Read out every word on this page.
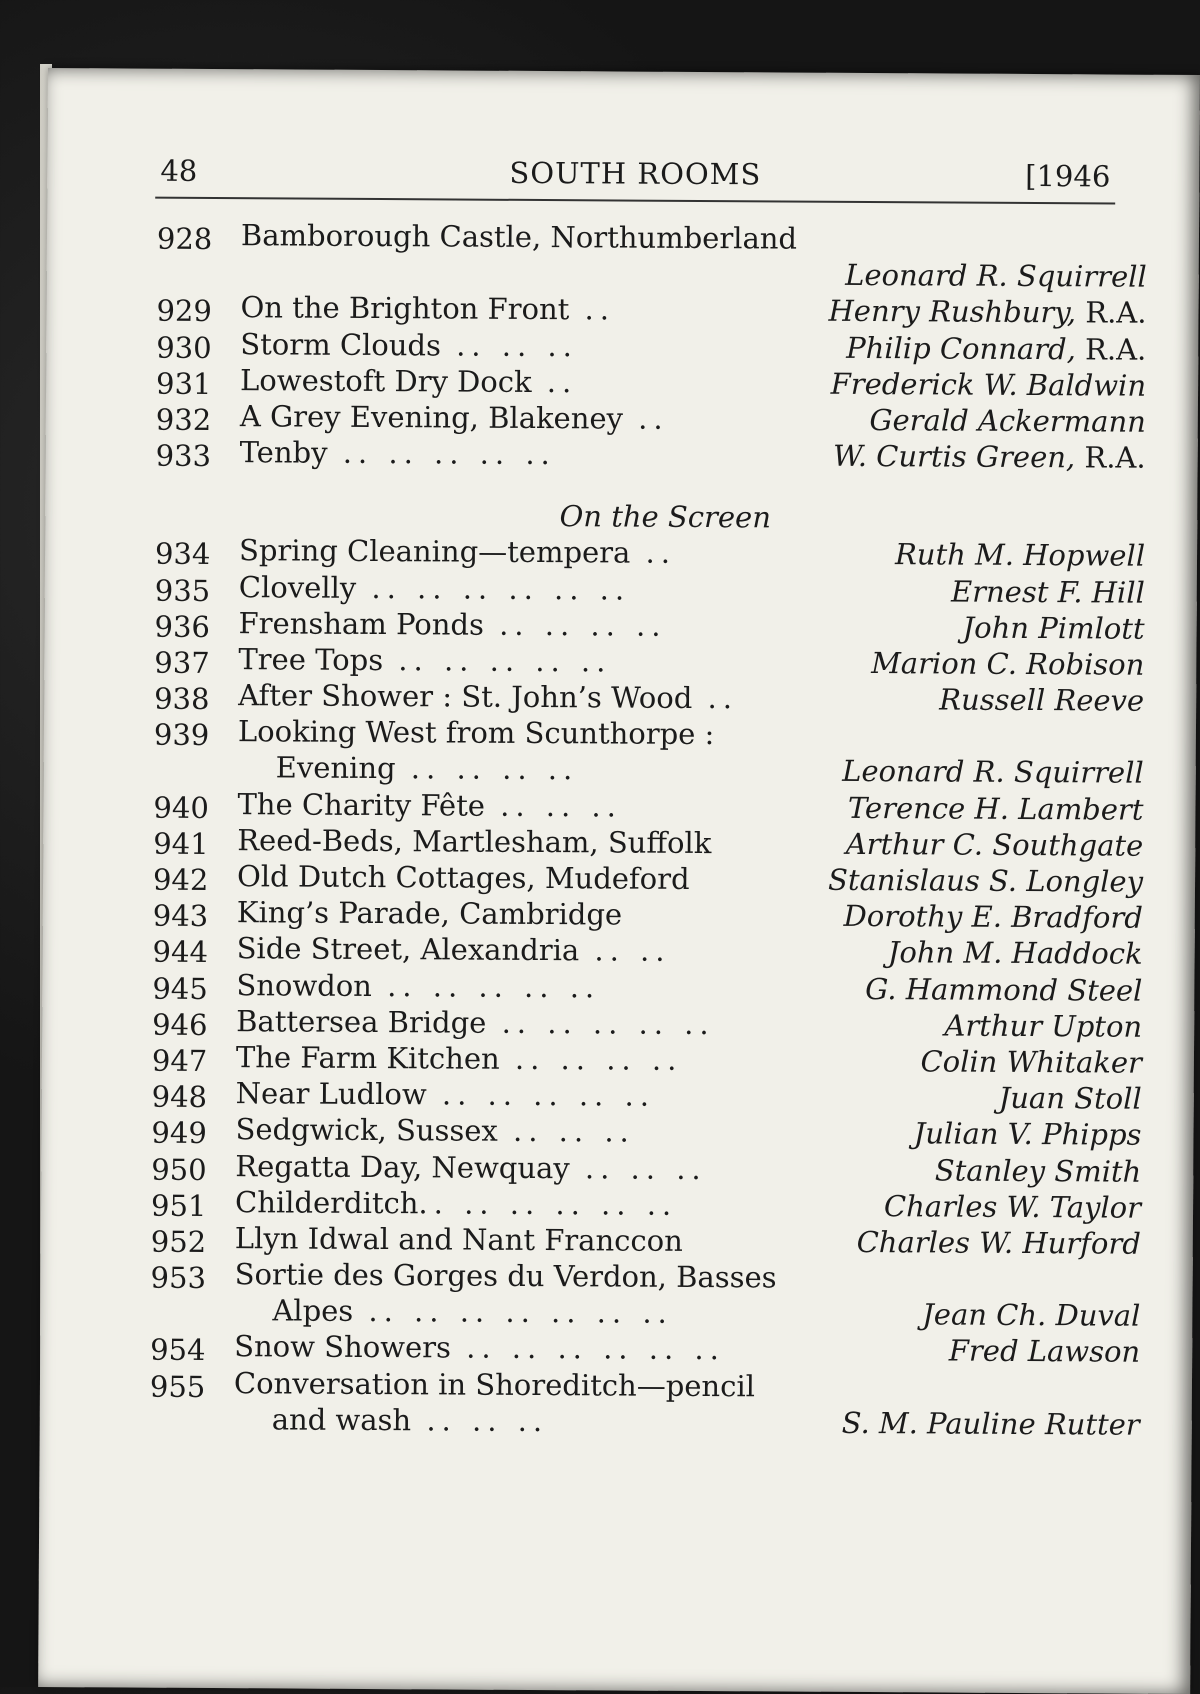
48	SOUTH ROOMS	[1946
928 Bamborough Castle, Northumberland
Leonard R. Squirrell
929 On the Brighton Front ..	Henry Rushbury, R.A.
930 Storm Clouds .. .. ..	Philip Connard, R.A.
931 Lowestoft Dry Dock ..	Frederick W. Baldwin
932 A Grey Evening, Blakeney ..	Gerald Ackermann
933 Tenby .. .. .. .. ..	W. Curtis Green, R.A.
On the Screen
934 Spring Cleaning—tempera ..	Ruth M. Hopwell
935 Clovelly .. .. .. .. .. ..	Ernest F. Hill
936 Frensham Ponds .. .. .. ..	John Pimlott
937 Tree Tops .. .. .. .. ..	Marion C. Robison
938 After Shower : St. John’s Wood ..	Russell Reeve
939 Looking West from Scunthorpe :
Evening .. .. .. ..	Leonard R. Squirrell
940 The Charity Fête .. .. ..	Terence H. Lambert
941 Reed-Beds, Martlesham, Suffolk	Arthur C. Southgate
942 Old Dutch Cottages, Mudeford	Stanislaus S. Longley
943 King’s Parade, Cambridge	Dorothy E. Bradford
944 Side Street, Alexandria .. ..	John M. Haddock
945 Snowdon .. .. .. .. ..	G. Hammond Steel
946 Battersea Bridge .. .. .. .. ..	Arthur Upton
947 The Farm Kitchen .. .. .. ..	Colin Whitaker
948 Near Ludlow .. .. .. .. ..	Juan Stoll
949 Sedgwick, Sussex .. .. ..	Julian V. Phipps
950 Regatta Day, Newquay .. .. ..	Stanley Smith
951 Childerditch.. .. .. .. .. ..	Charles W. Taylor
952 Llyn Idwal and Nant Franccon	Charles W. Hurford
953 Sortie des Gorges du Verdon, Basses
Alpes .. .. .. .. .. .. ..	Jean Ch. Duval
954 Snow Showers .. .. .. .. .. ..	Fred Lawson
955 Conversation in Shoreditch—pencil
and wash .. .. ..	S. M. Pauline Rutter
